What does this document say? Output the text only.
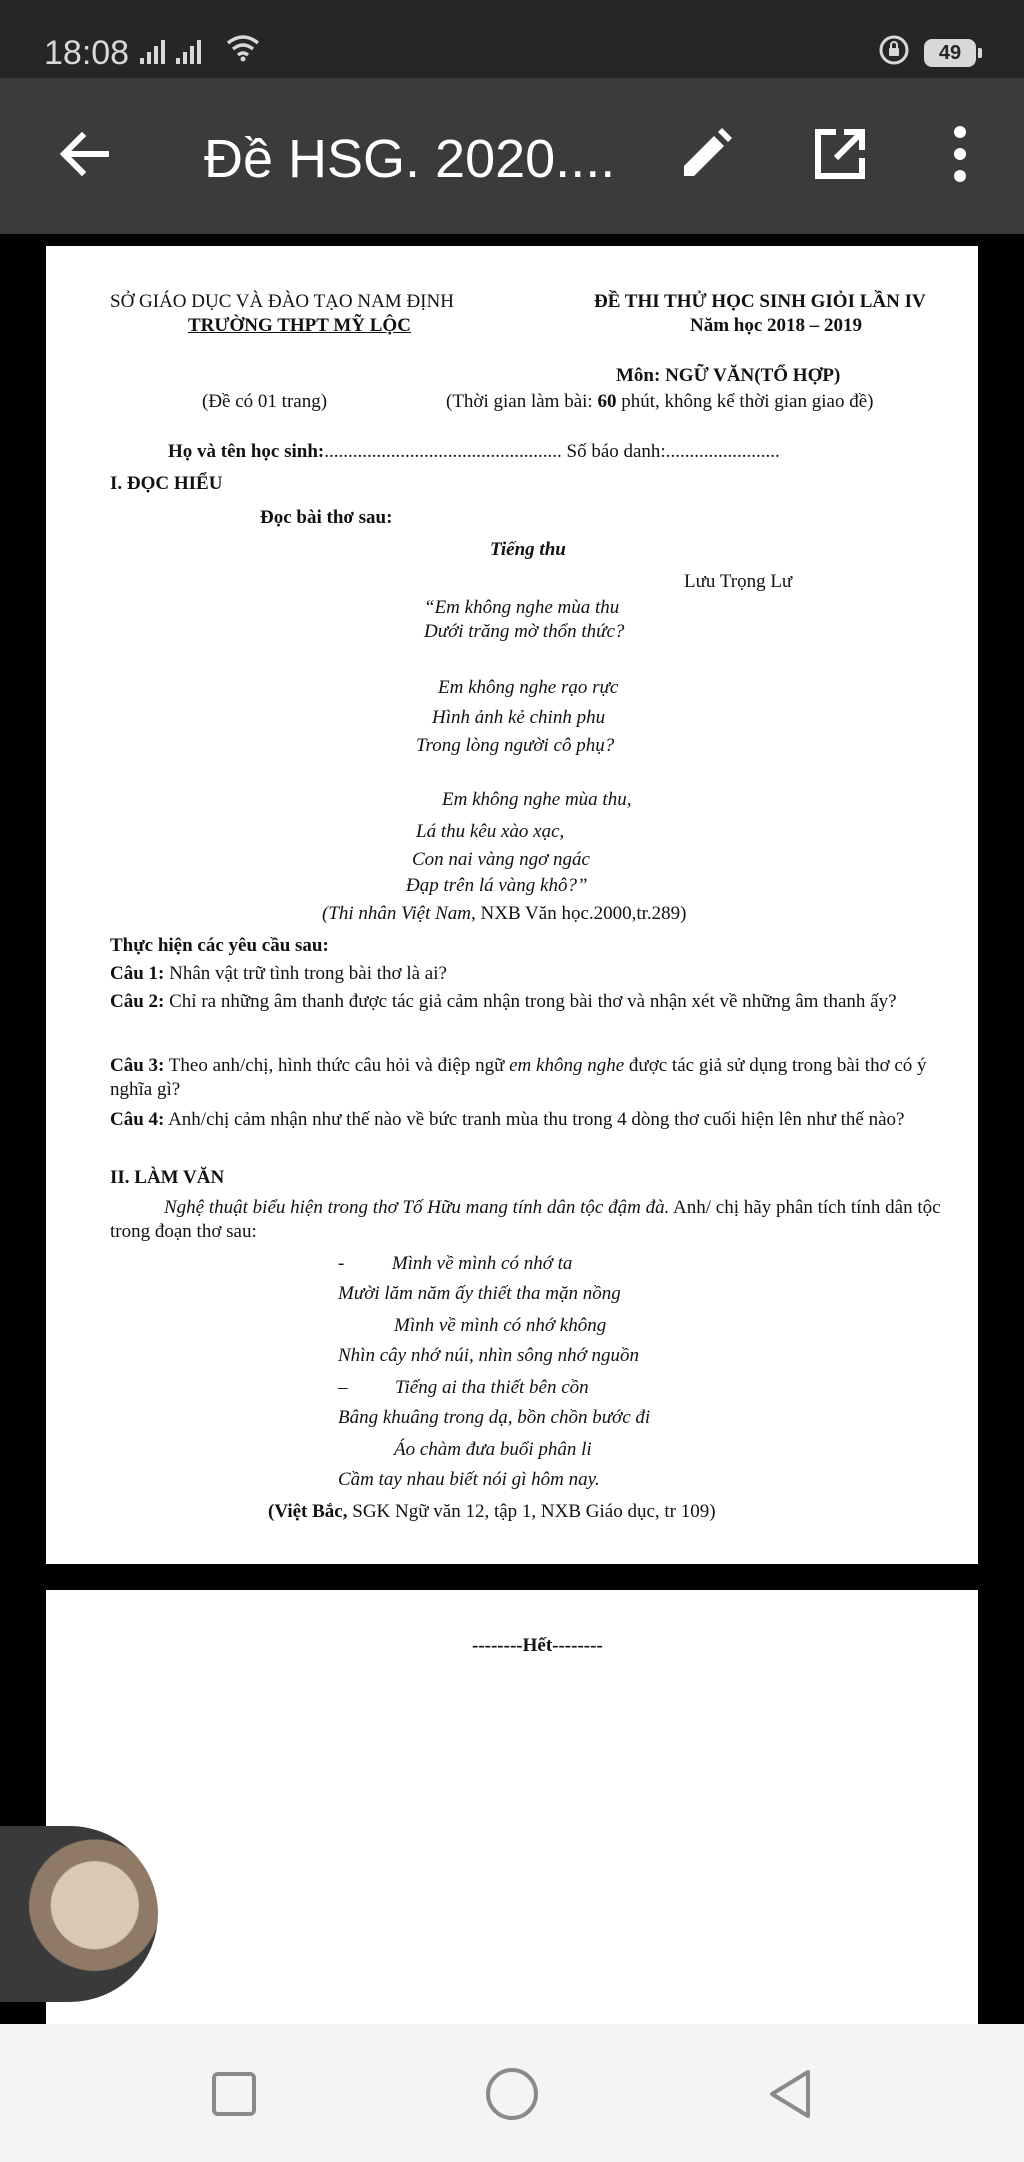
18:08	49
Đề HSG. 2020....
SỞ GIÁO DỤC VÀ ĐÀO TẠO NAM ĐỊNH
TRƯỜNG THPT MỸ LỘC
ĐỀ THI THỬ HỌC SINH GIỎI LẦN IV
Năm học 2018 – 2019
Môn: NGỮ VĂN(TỔ HỢP)
(Đề có 01 trang)	(Thời gian làm bài: 60 phút, không kể thời gian giao đề)
Họ và tên học sinh:.................................................. Số báo danh:........................
I. ĐỌC HIỂU
Đọc bài thơ sau:
Tiếng thu
Lưu Trọng Lư
“Em không nghe mùa thu
Dưới trăng mờ thổn thức?
Em không nghe rạo rực
Hình ảnh kẻ chinh phu
Trong lòng người cô phụ?
Em không nghe mùa thu,
Lá thu kêu xào xạc,
Con nai vàng ngơ ngác
Đạp trên lá vàng khô?”
(Thi nhân Việt Nam, NXB Văn học.2000,tr.289)
Thực hiện các yêu cầu sau:
Câu 1: Nhân vật trữ tình trong bài thơ là ai?
Câu 2: Chỉ ra những âm thanh được tác giả cảm nhận trong bài thơ và nhận xét về những âm thanh ấy?
Câu 3: Theo anh/chị, hình thức câu hỏi và điệp ngữ em không nghe được tác giả sử dụng trong bài thơ có ý nghĩa gì?
Câu 4: Anh/chị cảm nhận như thế nào về bức tranh mùa thu trong 4 dòng thơ cuối hiện lên như thế nào?
II. LÀM VĂN
Nghệ thuật biểu hiện trong thơ Tố Hữu mang tính dân tộc đậm đà. Anh/ chị hãy phân tích tính dân tộc trong đoạn thơ sau:
-          Mình về mình có nhớ ta
Mười lăm năm ấy thiết tha mặn nồng
Mình về mình có nhớ không
Nhìn cây nhớ núi, nhìn sông nhớ nguồn
–          Tiếng ai tha thiết bên cồn
Bâng khuâng trong dạ, bồn chồn bước đi
Áo chàm đưa buổi phân li
Cầm tay nhau biết nói gì hôm nay.
(Việt Bắc, SGK Ngữ văn 12, tập 1, NXB Giáo dục, tr 109)
--------Hết--------
